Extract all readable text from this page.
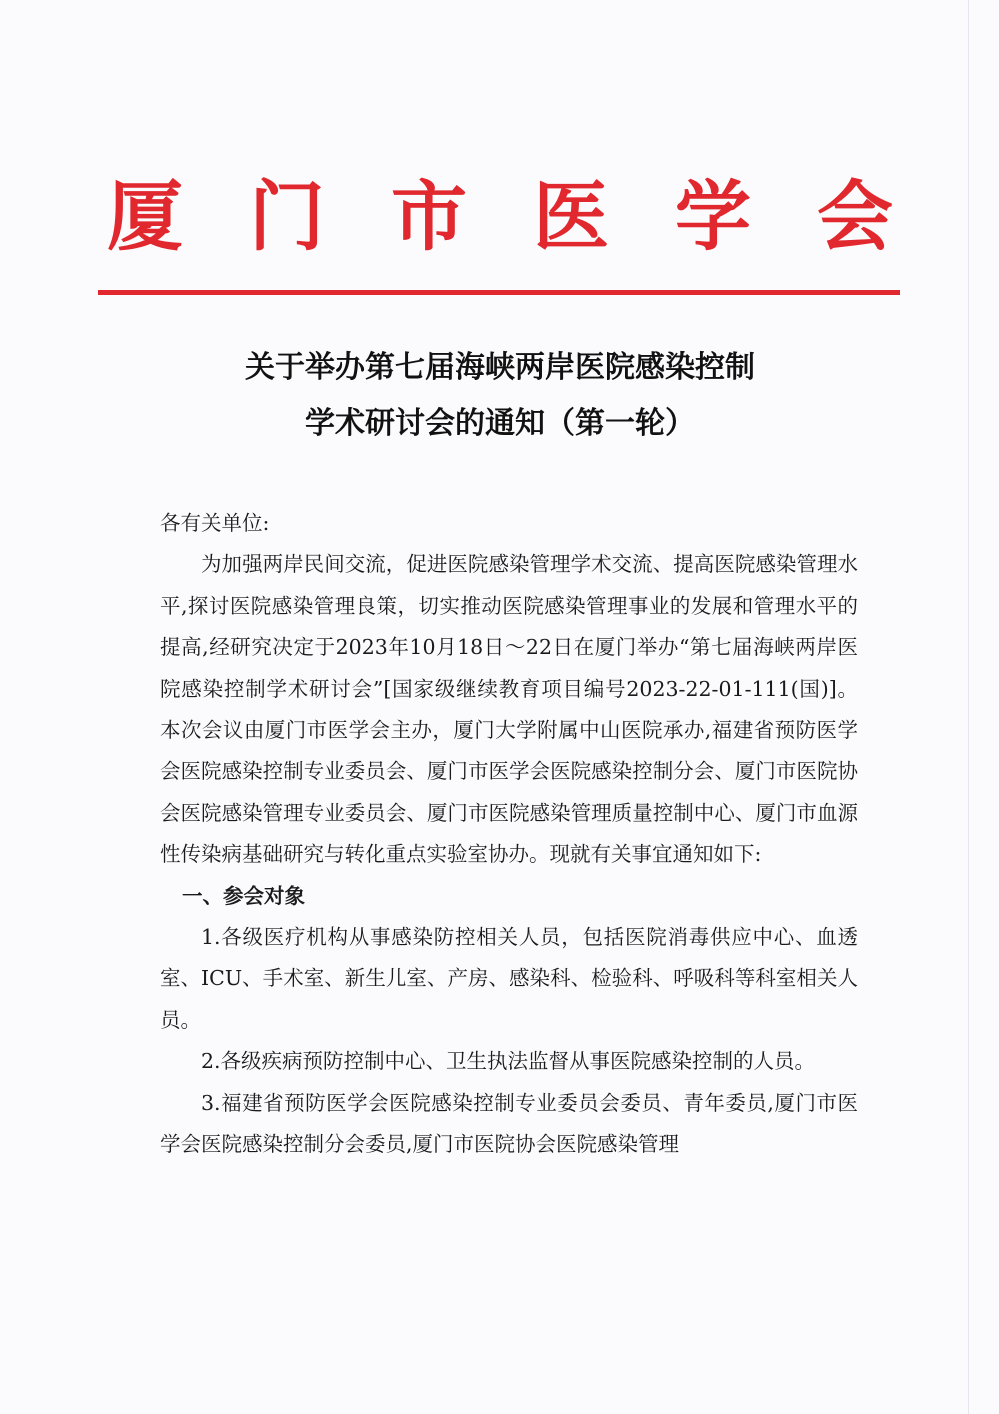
厦 门 市 医 学 会
关于举办第七届海峡两岸医院感染控制
学术研讨会的通知（第一轮）

各有关单位:

为加强两岸民间交流，促进医院感染管理学术交流、提高医院感染管理水平,探讨医院感染管理良策，切实推动医院感染管理事业的发展和管理水平的提高,经研究决定于2023年10月18日～22日在厦门举办“第七届海峡两岸医院感染控制学术研讨会”[国家级继续教育项目编号2023-22-01-111(国)]。本次会议由厦门市医学会主办，厦门大学附属中山医院承办,福建省预防医学会医院感染控制专业委员会、厦门市医学会医院感染控制分会、厦门市医院协会医院感染管理专业委员会、厦门市医院感染管理质量控制中心、厦门市血源性传染病基础研究与转化重点实验室协办。现就有关事宜通知如下:

一、参会对象

1.各级医疗机构从事感染防控相关人员，包括医院消毒供应中心、血透室、ICU、手术室、新生儿室、产房、感染科、检验科、呼吸科等科室相关人员。

2.各级疾病预防控制中心、卫生执法监督从事医院感染控制的人员。

3.福建省预防医学会医院感染控制专业委员会委员、青年委员,厦门市医学会医院感染控制分会委员,厦门市医院协会医院感染管理
